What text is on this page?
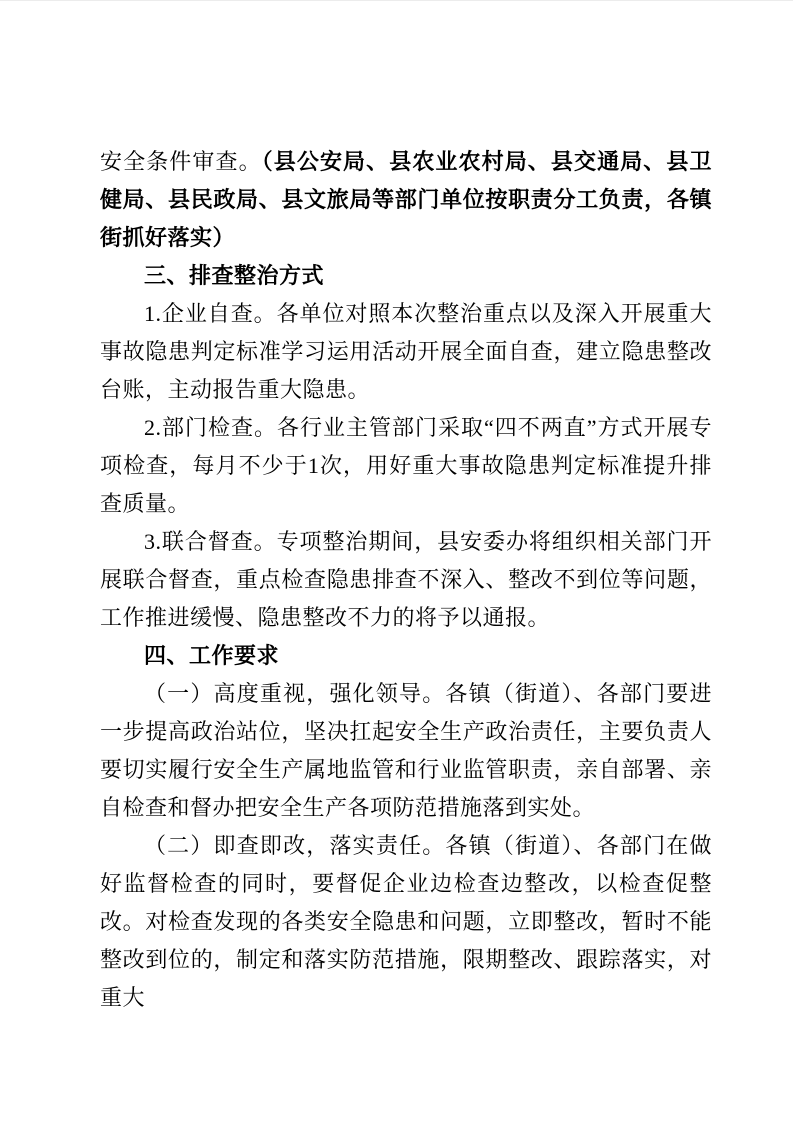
安全条件审查。（县公安局、县农业农村局、县交通局、县卫健局、县民政局、县文旅局等部门单位按职责分工负责，各镇街抓好落实）

三、排查整治方式

1.企业自查。各单位对照本次整治重点以及深入开展重大事故隐患判定标准学习运用活动开展全面自查，建立隐患整改台账，主动报告重大隐患。

2.部门检查。各行业主管部门采取“四不两直”方式开展专项检查，每月不少于1次，用好重大事故隐患判定标准提升排查质量。

3.联合督查。专项整治期间，县安委办将组织相关部门开展联合督查，重点检查隐患排查不深入、整改不到位等问题，工作推进缓慢、隐患整改不力的将予以通报。

四、工作要求

（一）高度重视，强化领导。各镇（街道）、各部门要进一步提高政治站位，坚决扛起安全生产政治责任，主要负责人要切实履行安全生产属地监管和行业监管职责，亲自部署、亲自检查和督办把安全生产各项防范措施落到实处。

（二）即查即改，落实责任。各镇（街道）、各部门在做好监督检查的同时，要督促企业边检查边整改，以检查促整改。对检查发现的各类安全隐患和问题，立即整改，暂时不能整改到位的，制定和落实防范措施，限期整改、跟踪落实，对重大
